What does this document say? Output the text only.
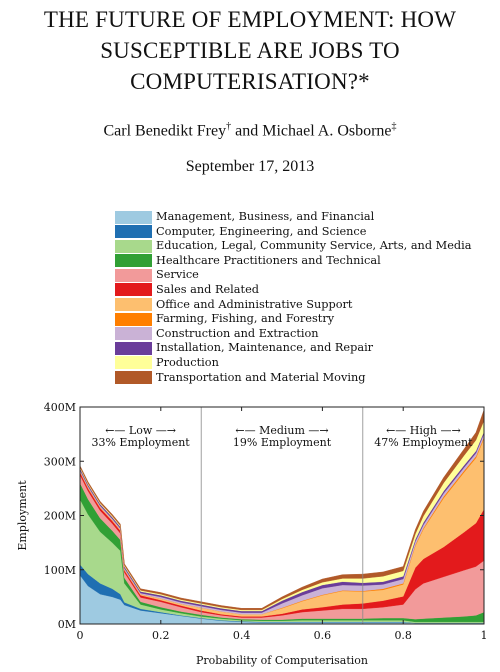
THE FUTURE OF EMPLOYMENT: HOW
SUSCEPTIBLE ARE JOBS TO
COMPUTERISATION?*
Carl Benedikt Frey† and Michael A. Osborne‡
September 17, 2013
Management, Business, and Financial
Computer, Engineering, and Science
Education, Legal, Community Service, Arts, and Media
Healthcare Practitioners and Technical
Service
Sales and Related
Office and Administrative Support
Farming, Fishing, and Forestry
Construction and Extraction
Installation, Maintenance, and Repair
Production
Transportation and Material Moving
0M
100M
200M
300M
400M
0	0.2	0.4	0.6	0.8	1
Probability of Computerisation
Employment
←— Low —→
33% Employment
←— Medium —→
19% Employment
←— High —→
47% Employment
